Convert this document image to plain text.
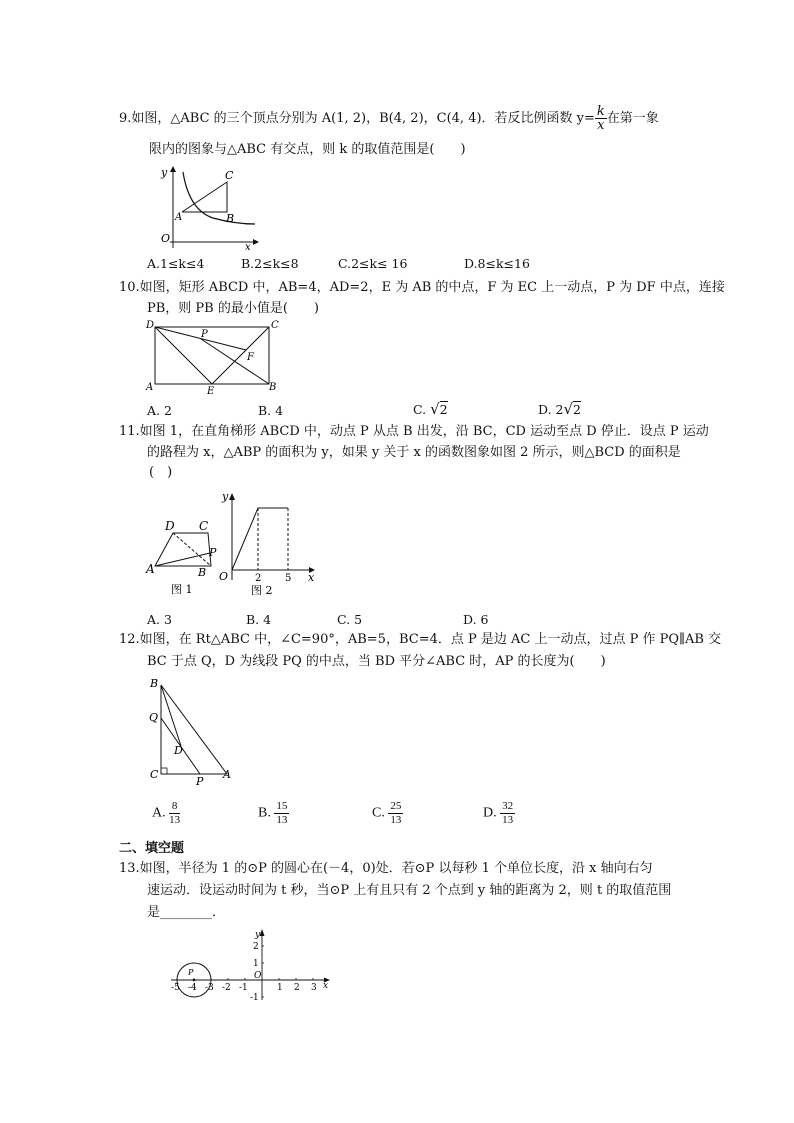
9.如图，△ABC 的三个顶点分别为 A(1, 2)，B(4, 2)，C(4, 4)．若反比例函数 $y= \frac{k}{x}$ 在第一象
限内的图象与△ABC 有交点，则 k 的取值范围是(　　)
y	C
A	B
O
x
A.1≤k≤4	B.2≤k≤8	C.2≤k≤ 16	D.8≤k≤16
10.如图，矩形 ABCD 中，AB=4，AD=2，E 为 AB 的中点，F 为 EC 上一动点，P 为 DF 中点，连接
PB，则 PB 的最小值是(　　)
D
P
C
F
A	E	B
A. 2	B. 4	C. √2	D. 2√2
11.如图 1，在直角梯形 ABCD 中，动点 P 从点 B 出发，沿 BC，CD 运动至点 D 停止．设点 P 运动
的路程为 x，△ABP 的面积为 y，如果 y 关于 x 的函数图象如图 2 所示，则△BCD 的面积是
(　)
D C
P
A	B
图 1
y
O	2 5 x
图 2
A. 3	B. 4	C. 5	D. 6
12.如图，在 Rt△ABC 中，∠C=90°，AB=5，BC=4．点 P 是边 AC 上一动点，过点 P 作 PQ∥AB 交
BC 于点 Q，D 为线段 PQ 的中点，当 BD 平分∠ABC 时，AP 的长度为(　　)
B
Q
D
C
P
A
A. $\frac{8}{13}$	B. $\frac{15}{13}$	C. $\frac{25}{13}$	D. $\frac{32}{13}$
二、填空题
13.如图，半径为 1 的⊙P 的圆心在(－4，0)处．若⊙P 以每秒 1 个单位长度，沿 x 轴向右匀
速运动．设运动时间为 t 秒，当⊙P 上有且只有 2 个点到 y 轴的距离为 2，则 t 的取值范围
是________．
y
2
1
-1
O
P
-5 -4 -3 -2 -1	1 2 3 x
